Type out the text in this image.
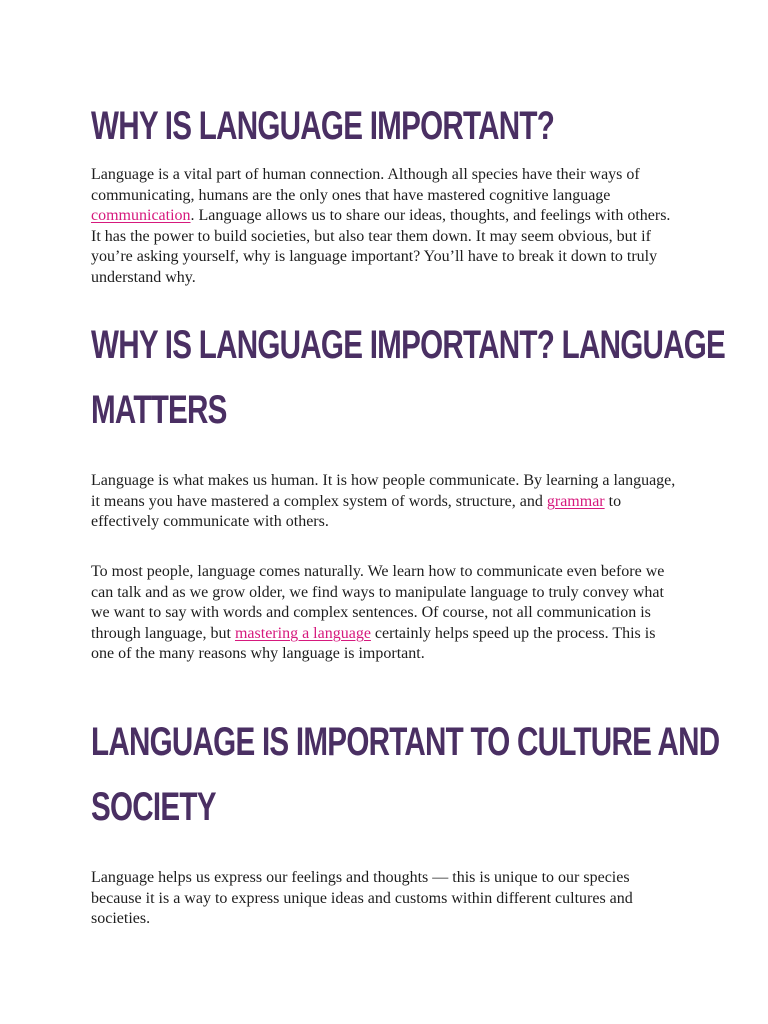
WHY IS LANGUAGE IMPORTANT?

Language is a vital part of human connection. Although all species have their ways of communicating, humans are the only ones that have mastered cognitive language communication. Language allows us to share our ideas, thoughts, and feelings with others. It has the power to build societies, but also tear them down. It may seem obvious, but if you’re asking yourself, why is language important? You’ll have to break it down to truly understand why.

WHY IS LANGUAGE IMPORTANT? LANGUAGE
MATTERS

Language is what makes us human. It is how people communicate. By learning a language, it means you have mastered a complex system of words, structure, and grammar to effectively communicate with others.

To most people, language comes naturally. We learn how to communicate even before we can talk and as we grow older, we find ways to manipulate language to truly convey what we want to say with words and complex sentences. Of course, not all communication is through language, but mastering a language certainly helps speed up the process. This is one of the many reasons why language is important.

LANGUAGE IS IMPORTANT TO CULTURE AND
SOCIETY

Language helps us express our feelings and thoughts — this is unique to our species because it is a way to express unique ideas and customs within different cultures and societies.
